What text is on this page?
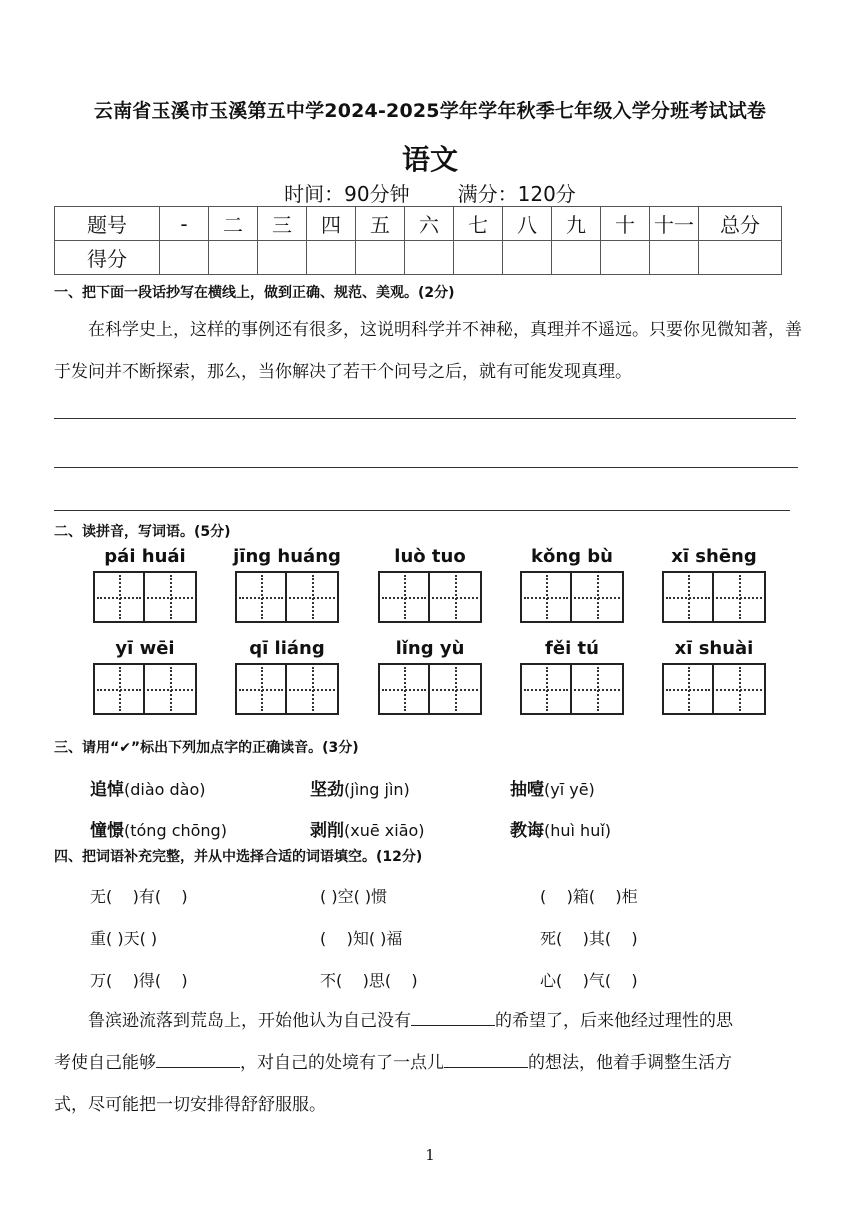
云南省玉溪市玉溪第五中学2024-2025学年学年秋季七年级入学分班考试试卷
语文
时间：90分钟 满分：120分
题号	-	二	三	四	五	六	七	八	九	十	十一	总分
得分												
一、把下面一段话抄写在横线上，做到正确、规范、美观。(2分)
在科学史上，这样的事例还有很多，这说明科学并不神秘，真理并不遥远。只要你见微知著，善于发问并不断探索，那么，当你解决了若干个问号之后，就有可能发现真理。
二、读拼音，写词语。(5分)
pái huái	jīng huáng	luò tuo	kǒng bù	xī shēng
yī wēi	qī liáng	lǐng yù	fěi tú	xī shuài
三、请用“✔”标出下列加点字的正确读音。(3分)
追悼(diào dào)	坚劲(jìng jìn)	抽噎(yī yē)
憧憬(tóng chōng)	剥削(xuē xiāo)	教诲(huì huǐ)
四、把词语补充完整，并从中选择合适的词语填空。(12分)
无(    )有(    )	( )空( )惯	(    )箱(    )柜
重( )天( )	(    )知( )福	死(    )其(    )
万(    )得(    )	不(    )思(    )	心(    )气(    )
鲁滨逊流落到荒岛上，开始他认为自己没有	的希望了，后来他经过理性的思
考使自己能够	，对自己的处境有了一点儿	的想法，他着手调整生活方
式，尽可能把一切安排得舒舒服服。
1
